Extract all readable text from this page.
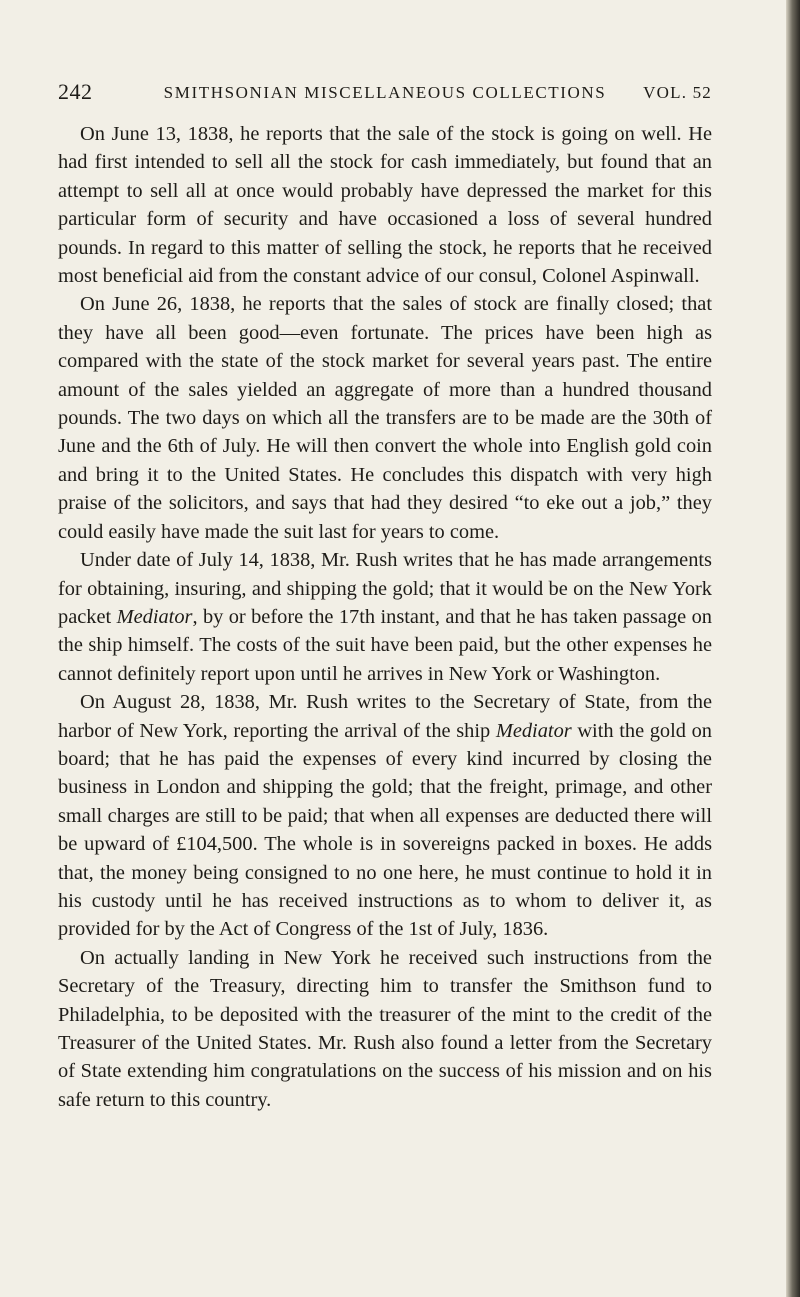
242	SMITHSONIAN MISCELLANEOUS COLLECTIONS	VOL. 52

On June 13, 1838, he reports that the sale of the stock is going on well. He had first intended to sell all the stock for cash immediately, but found that an attempt to sell all at once would probably have depressed the market for this particular form of security and have occasioned a loss of several hundred pounds. In regard to this matter of selling the stock, he reports that he received most beneficial aid from the constant advice of our consul, Colonel Aspinwall.

On June 26, 1838, he reports that the sales of stock are finally closed; that they have all been good—even fortunate. The prices have been high as compared with the state of the stock market for several years past. The entire amount of the sales yielded an aggregate of more than a hundred thousand pounds. The two days on which all the transfers are to be made are the 30th of June and the 6th of July. He will then convert the whole into English gold coin and bring it to the United States. He concludes this dispatch with very high praise of the solicitors, and says that had they desired “to eke out a job,” they could easily have made the suit last for years to come.

Under date of July 14, 1838, Mr. Rush writes that he has made arrangements for obtaining, insuring, and shipping the gold; that it would be on the New York packet Mediator, by or before the 17th instant, and that he has taken passage on the ship himself. The costs of the suit have been paid, but the other expenses he cannot definitely report upon until he arrives in New York or Washington.

On August 28, 1838, Mr. Rush writes to the Secretary of State, from the harbor of New York, reporting the arrival of the ship Mediator with the gold on board; that he has paid the expenses of every kind incurred by closing the business in London and shipping the gold; that the freight, primage, and other small charges are still to be paid; that when all expenses are deducted there will be upward of £104,500. The whole is in sovereigns packed in boxes. He adds that, the money being consigned to no one here, he must continue to hold it in his custody until he has received instructions as to whom to deliver it, as provided for by the Act of Congress of the 1st of July, 1836.

On actually landing in New York he received such instructions from the Secretary of the Treasury, directing him to transfer the Smithson fund to Philadelphia, to be deposited with the treasurer of the mint to the credit of the Treasurer of the United States. Mr. Rush also found a letter from the Secretary of State extending him congratulations on the success of his mission and on his safe return to this country.
